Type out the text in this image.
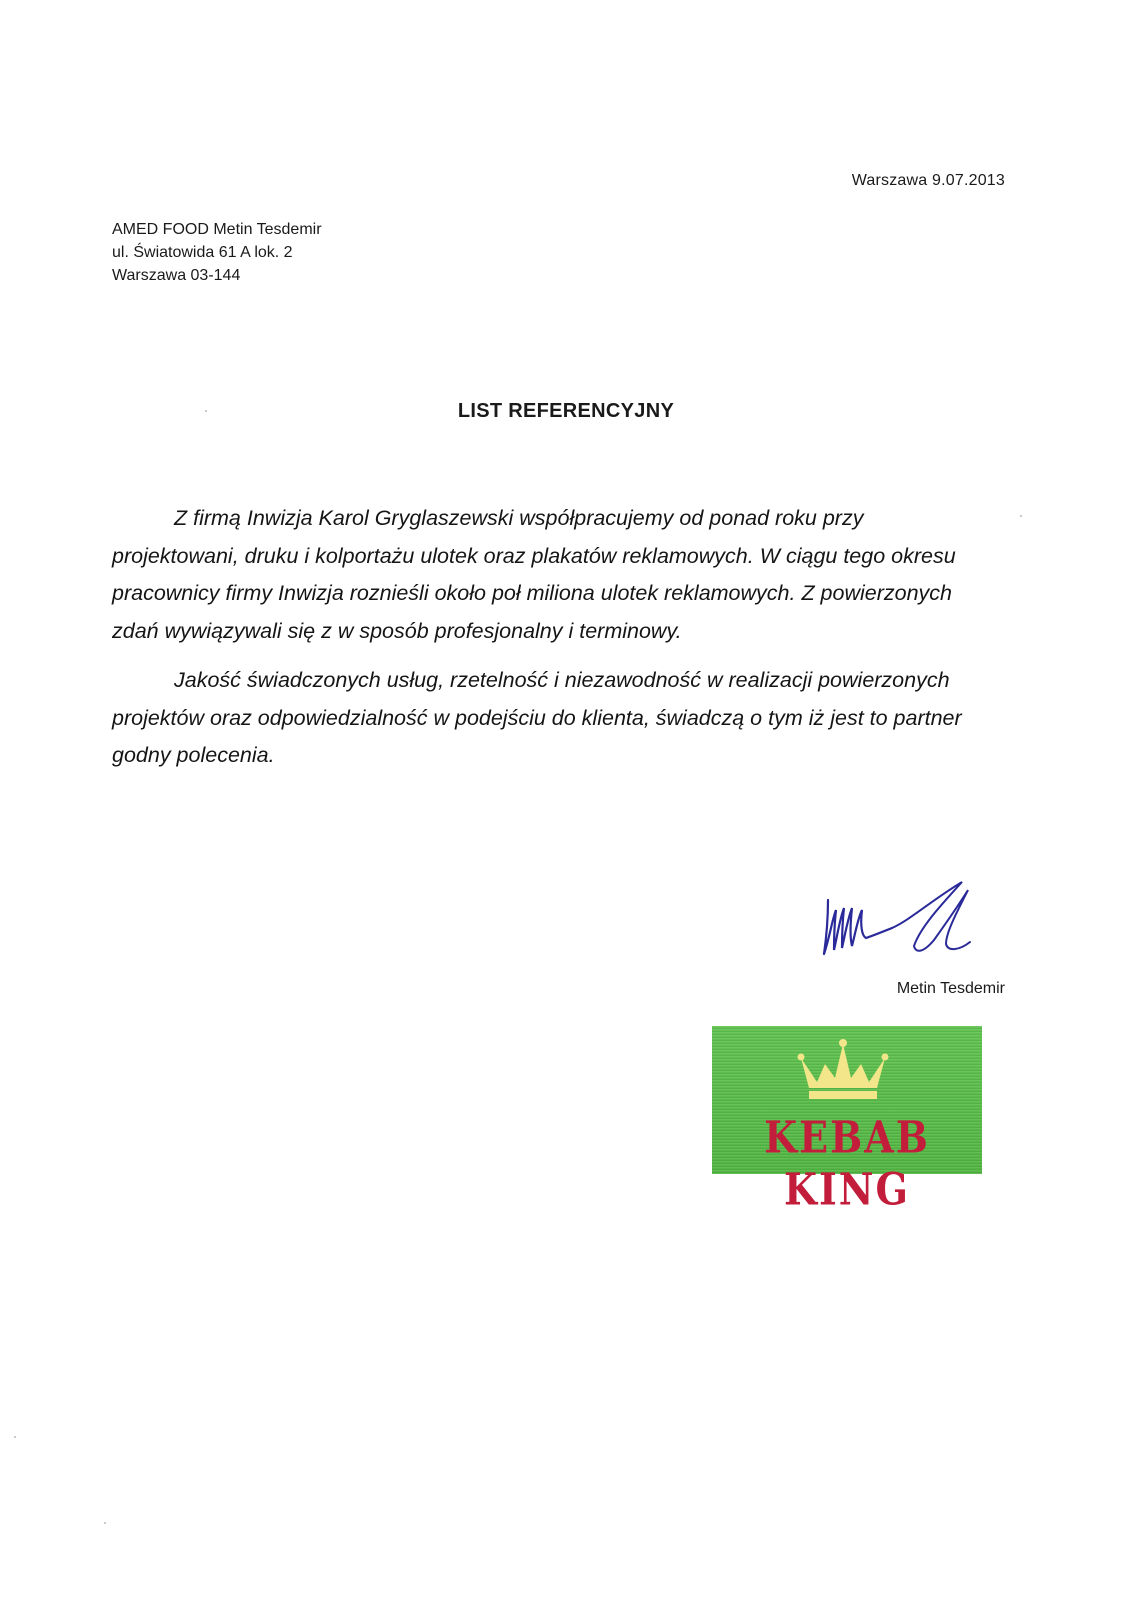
Warszawa 9.07.2013
AMED FOOD Metin Tesdemir
ul. Światowida 61 A lok. 2
Warszawa 03-144
LIST REFERENCYJNY

Z firmą Inwizja Karol Gryglaszewski współpracujemy od ponad roku przy projektowani, druku i kolportażu ulotek oraz plakatów reklamowych. W ciągu tego okresu pracownicy firmy Inwizja roznieśli około poł miliona ulotek reklamowych. Z powierzonych zdań wywiązywali się z w sposób profesjonalny i terminowy.

Jakość świadczonych usług, rzetelność i niezawodność w realizacji powierzonych projektów oraz odpowiedzialność w podejściu do klienta, świadczą o tym iż jest to partner godny polecenia.

Metin Tesdemir
KEBAB KING
